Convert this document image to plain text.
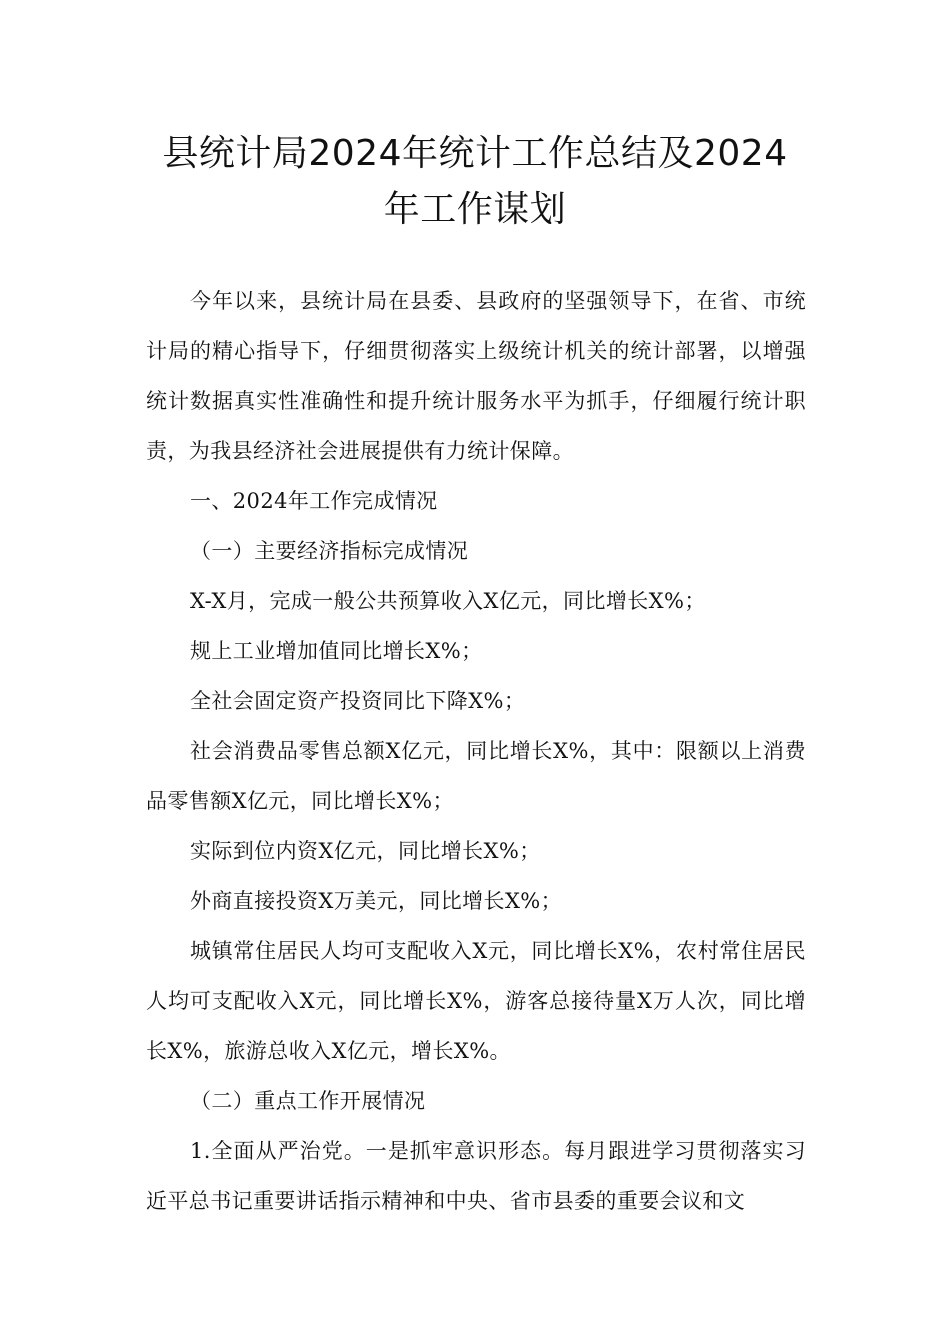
县统计局2024年统计工作总结及2024
年工作谋划

今年以来，县统计局在县委、县政府的坚强领导下，在省、市统计局的精心指导下，仔细贯彻落实上级统计机关的统计部署，以增强统计数据真实性准确性和提升统计服务水平为抓手，仔细履行统计职责，为我县经济社会进展提供有力统计保障。

一、2024年工作完成情况

（一）主要经济指标完成情况

X-X月，完成一般公共预算收入X亿元，同比增长X%；

规上工业增加值同比增长X%；

全社会固定资产投资同比下降X%；

社会消费品零售总额X亿元，同比增长X%，其中：限额以上消费品零售额X亿元，同比增长X%；

实际到位内资X亿元，同比增长X%；

外商直接投资X万美元，同比增长X%；

城镇常住居民人均可支配收入X元，同比增长X%，农村常住居民人均可支配收入X元，同比增长X%，游客总接待量X万人次，同比增长X%，旅游总收入X亿元，增长X%。

（二）重点工作开展情况

1.全面从严治党。一是抓牢意识形态。每月跟进学习贯彻落实习近平总书记重要讲话指示精神和中央、省市县委的重要会议和文
